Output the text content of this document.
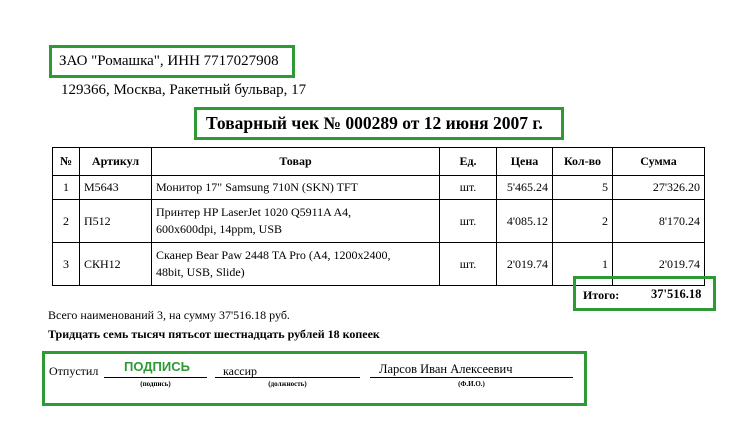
ЗАО "Ромашка", ИНН 7717027908
129366, Москва, Ракетный бульвар, 17
Товарный чек № 000289 от 12 июня 2007 г.
№	Артикул	Товар	Ед.	Цена	Кол-во	Сумма
1	M5643	Монитор 17" Samsung 710N (SKN) TFT	шт.	5'465.24	5	27'326.20
2	П512	Принтер HP LaserJet 1020 Q5911A A4,
600x600dpi, 14ppm, USB	шт.	4'085.12	2	8'170.24
3	СКН12	Сканер Bear Paw 2448 TA Pro (A4, 1200x2400,
48bit, USB, Slide)	шт.	2'019.74	1	2'019.74
Итого:	37'516.18
Всего наименований 3, на сумму 37'516.18 руб.
Тридцать семь тысяч пятьсот шестнадцать рублей 18 копеек
Отпустил ПОДПИСЬ	кассир	Ларсов Иван Алексеевич
(подпись)	(должность)	(Ф.И.О.)
